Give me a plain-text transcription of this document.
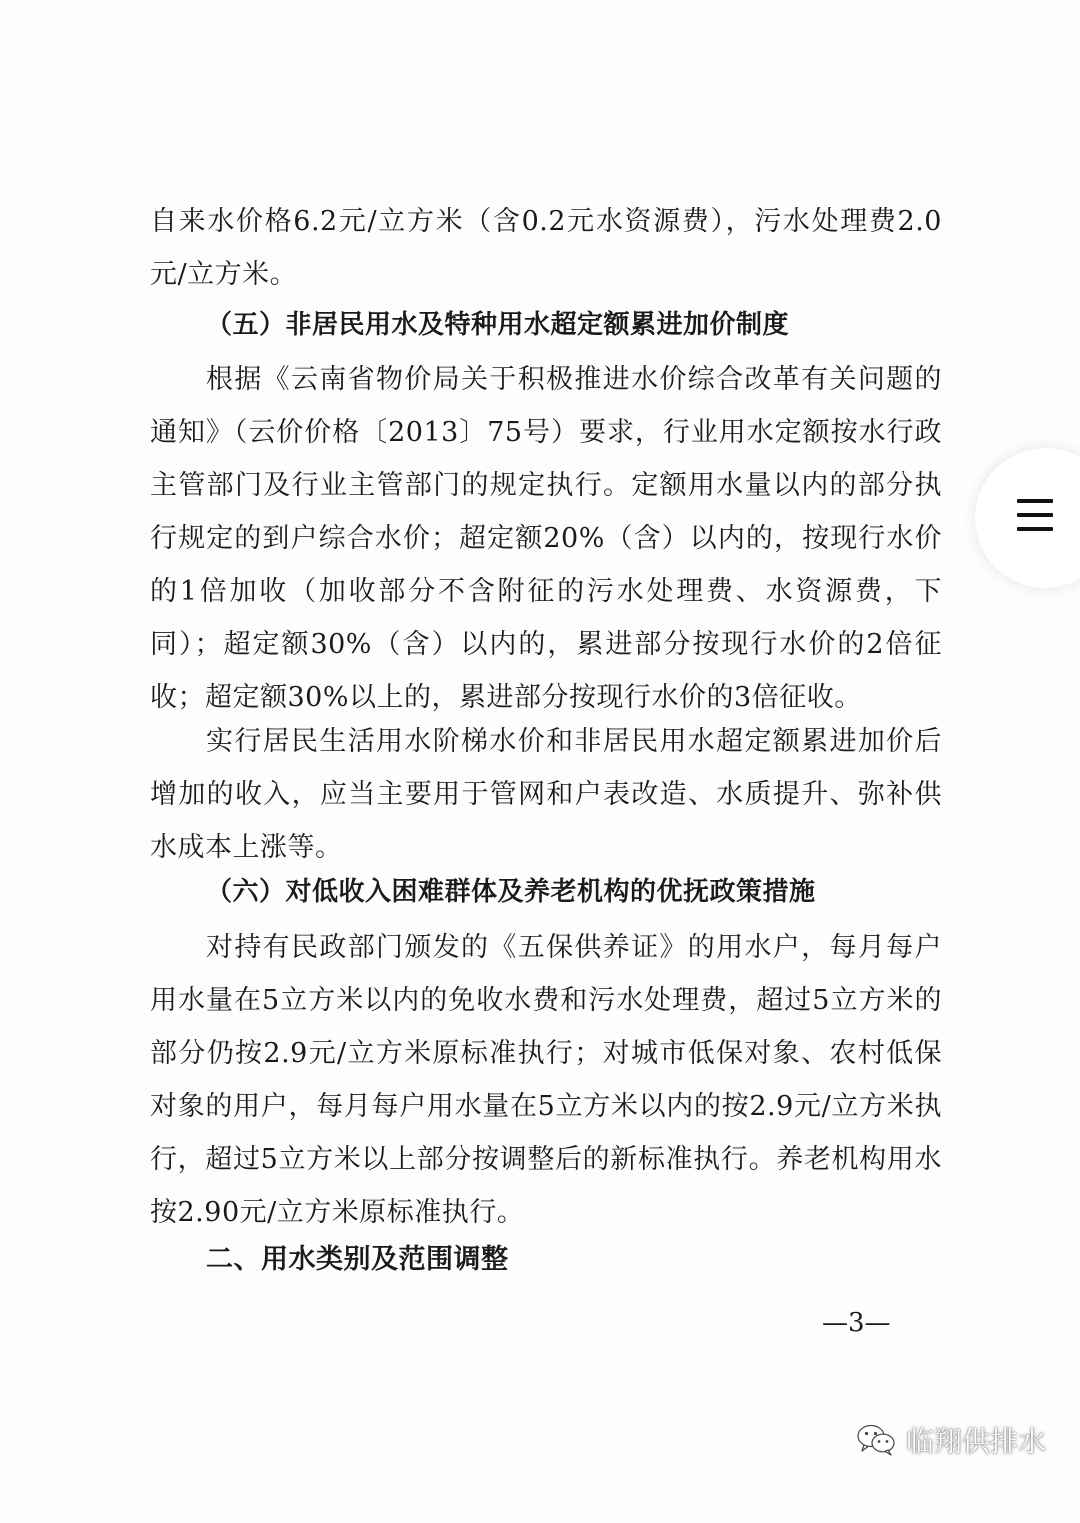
自来水价格6.2元/立方米（含0.2元水资源费），污水处理费2.0元/立方米。

（五）非居民用水及特种用水超定额累进加价制度

根据《云南省物价局关于积极推进水价综合改革有关问题的通知》（云价价格〔2013〕75号）要求，行业用水定额按水行政主管部门及行业主管部门的规定执行。定额用水量以内的部分执行规定的到户综合水价；超定额20%（含）以内的，按现行水价的1倍加收（加收部分不含附征的污水处理费、水资源费，下同）；超定额30%（含）以内的，累进部分按现行水价的2倍征收；超定额30%以上的，累进部分按现行水价的3倍征收。

实行居民生活用水阶梯水价和非居民用水超定额累进加价后增加的收入，应当主要用于管网和户表改造、水质提升、弥补供水成本上涨等。

（六）对低收入困难群体及养老机构的优抚政策措施

对持有民政部门颁发的《五保供养证》的用水户，每月每户用水量在5立方米以内的免收水费和污水处理费，超过5立方米的部分仍按2.9元/立方米原标准执行；对城市低保对象、农村低保对象的用户，每月每户用水量在5立方米以内的按2.9元/立方米执行，超过5立方米以上部分按调整后的新标准执行。养老机构用水按2.90元/立方米原标准执行。

二、用水类别及范围调整

—3—
临翔供排水
